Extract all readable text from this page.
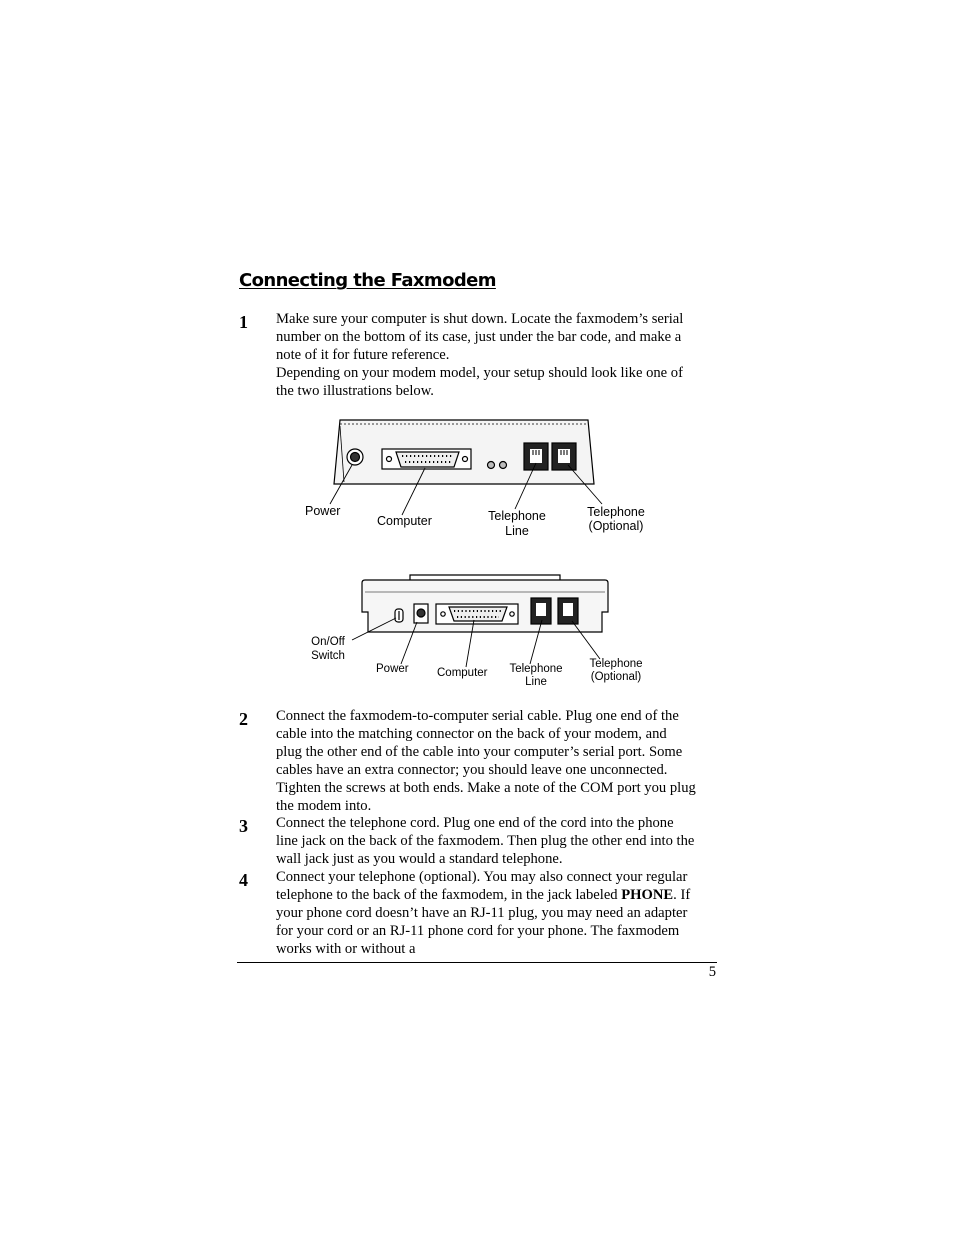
Connecting the Faxmodem
1 Make sure your computer is shut down. Locate the faxmodem’s serial number on the bottom of its case, just under the bar code, and make a note of it for future reference.

Depending on your modem model, your setup should look like one of the two illustrations below.

Power
Computer	Telephone
Line
Telephone
(Optional)
On/Off
Switch
Power Computer	Telephone
Line
Telephone
(Optional)
2 Connect the faxmodem-to-computer serial cable. Plug one end of the cable into the matching connector on the back of your modem, and plug the other end of the cable into your computer’s serial port. Some cables have an extra connector; you should leave one unconnected. Tighten the screws at both ends. Make a note of the COM port you plug the modem into.
3 Connect the telephone cord. Plug one end of the cord into the phone line jack on the back of the faxmodem. Then plug the other end into the wall jack just as you would a standard telephone.
4 Connect your telephone (optional). You may also connect your regular telephone to the back of the faxmodem, in the jack labeled PHONE. If your phone cord doesn’t have an RJ-11 plug, you may need an adapter for your cord or an RJ-11 phone cord for your phone. The faxmodem works with or without a
5
